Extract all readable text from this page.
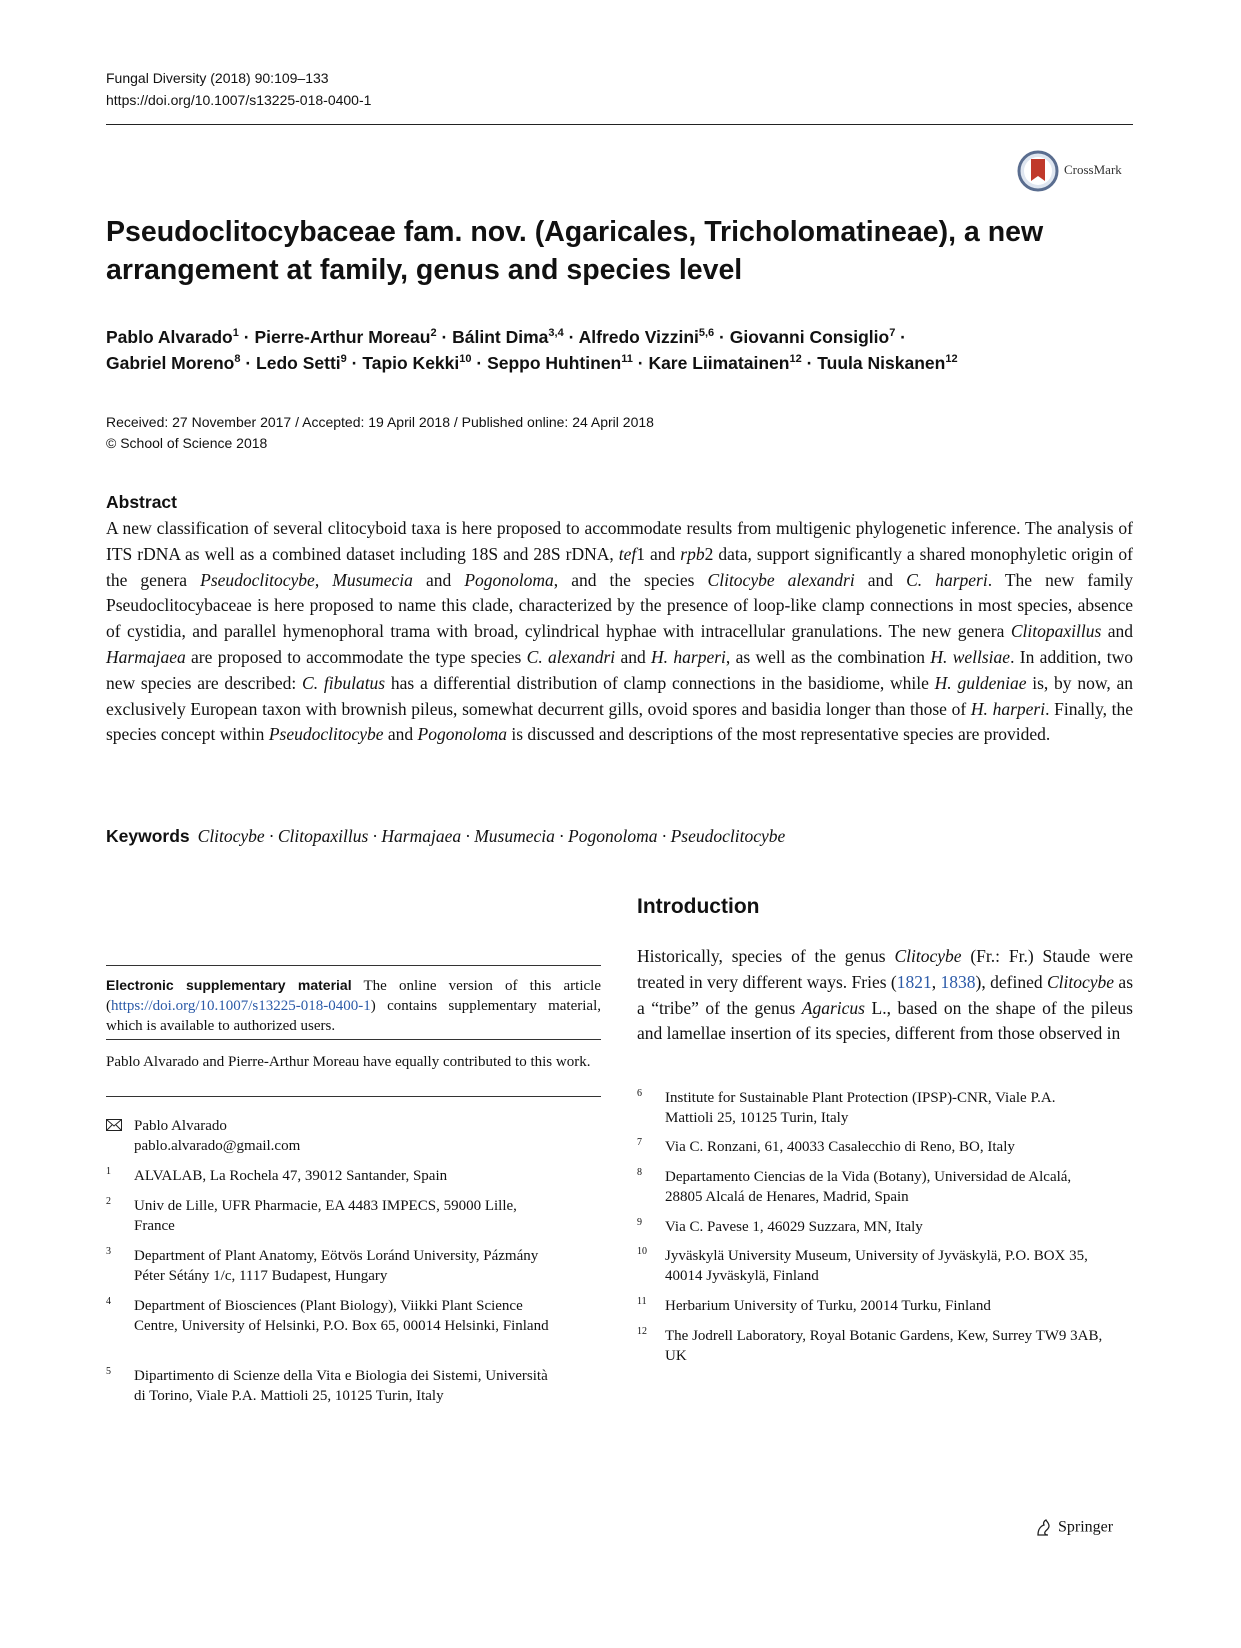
Fungal Diversity (2018) 90:109–133
https://doi.org/10.1007/s13225-018-0400-1
CrossMark
Pseudoclitocybaceae fam. nov. (Agaricales, Tricholomatineae), a new
arrangement at family, genus and species level
Pablo Alvarado$^1$ · Pierre-Arthur Moreau$^2$ · Bálint Dima$^{3,4}$ · Alfredo Vizzini$^{5,6}$ · Giovanni Consiglio$^7$ ·
Gabriel Moreno$^8$ · Ledo Setti$^9$ · Tapio Kekki$^{10}$ · Seppo Huhtinen$^{11}$ · Kare Liimatainen$^{12}$ · Tuula Niskanen$^{12}$
Received: 27 November 2017 / Accepted: 19 April 2018 / Published online: 24 April 2018
© School of Science 2018
Abstract

A new classification of several clitocyboid taxa is here proposed to accommodate results from multigenic phylogenetic inference. The analysis of ITS rDNA as well as a combined dataset including 18S and 28S rDNA, tef1 and rpb2 data, support significantly a shared monophyletic origin of the genera Pseudoclitocybe, Musumecia and Pogonoloma, and the species Clitocybe alexandri and C. harperi. The new family Pseudoclitocybaceae is here proposed to name this clade, characterized by the presence of loop-like clamp connections in most species, absence of cystidia, and parallel hymenophoral trama with broad, cylindrical hyphae with intracellular granulations. The new genera Clitopaxillus and Harmajaea are proposed to accommodate the type species C. alexandri and H. harperi, as well as the combination H. wellsiae. In addition, two new species are described: C. fibulatus has a differential distribution of clamp connections in the basidiome, while H. guldeniae is, by now, an exclusively European taxon with brownish pileus, somewhat decurrent gills, ovoid spores and basidia longer than those of H. harperi. Finally, the species concept within Pseudoclitocybe and Pogonoloma is discussed and descriptions of the most representative species are provided.

Keywords Clitocybe · Clitopaxillus · Harmajaea · Musumecia · Pogonoloma · Pseudoclitocybe
Introduction

Historically, species of the genus Clitocybe (Fr.: Fr.) Staude were treated in very different ways. Fries (1821, 1838), defined Clitocybe as a “tribe” of the genus Agaricus L., based on the shape of the pileus and lamellae insertion of its species, different from those observed in

Electronic supplementary material The online version of this article (https://doi.org/10.1007/s13225-018-0400-1) contains supplementary material, which is available to authorized users.
Pablo Alvarado and Pierre-Arthur Moreau have equally contributed to this work.
Pablo Alvarado
pablo.alvarado@gmail.com
1 ALVALAB, La Rochela 47, 39012 Santander, Spain
2 Univ de Lille, UFR Pharmacie, EA 4483 IMPECS, 59000 Lille, France
3 Department of Plant Anatomy, Eötvös Loránd University, Pázmány Péter Sétány 1/c, 1117 Budapest, Hungary
4 Department of Biosciences (Plant Biology), Viikki Plant Science Centre, University of Helsinki, P.O. Box 65, 00014 Helsinki, Finland
5 Dipartimento di Scienze della Vita e Biologia dei Sistemi, Università di Torino, Viale P.A. Mattioli 25, 10125 Turin, Italy
6 Institute for Sustainable Plant Protection (IPSP)-CNR, Viale P.A. Mattioli 25, 10125 Turin, Italy
7 Via C. Ronzani, 61, 40033 Casalecchio di Reno, BO, Italy
8 Departamento Ciencias de la Vida (Botany), Universidad de Alcalá, 28805 Alcalá de Henares, Madrid, Spain
9 Via C. Pavese 1, 46029 Suzzara, MN, Italy
10 Jyväskylä University Museum, University of Jyväskylä, P.O. BOX 35, 40014 Jyväskylä, Finland
11 Herbarium University of Turku, 20014 Turku, Finland
12 The Jodrell Laboratory, Royal Botanic Gardens, Kew, Surrey TW9 3AB, UK
Springer
